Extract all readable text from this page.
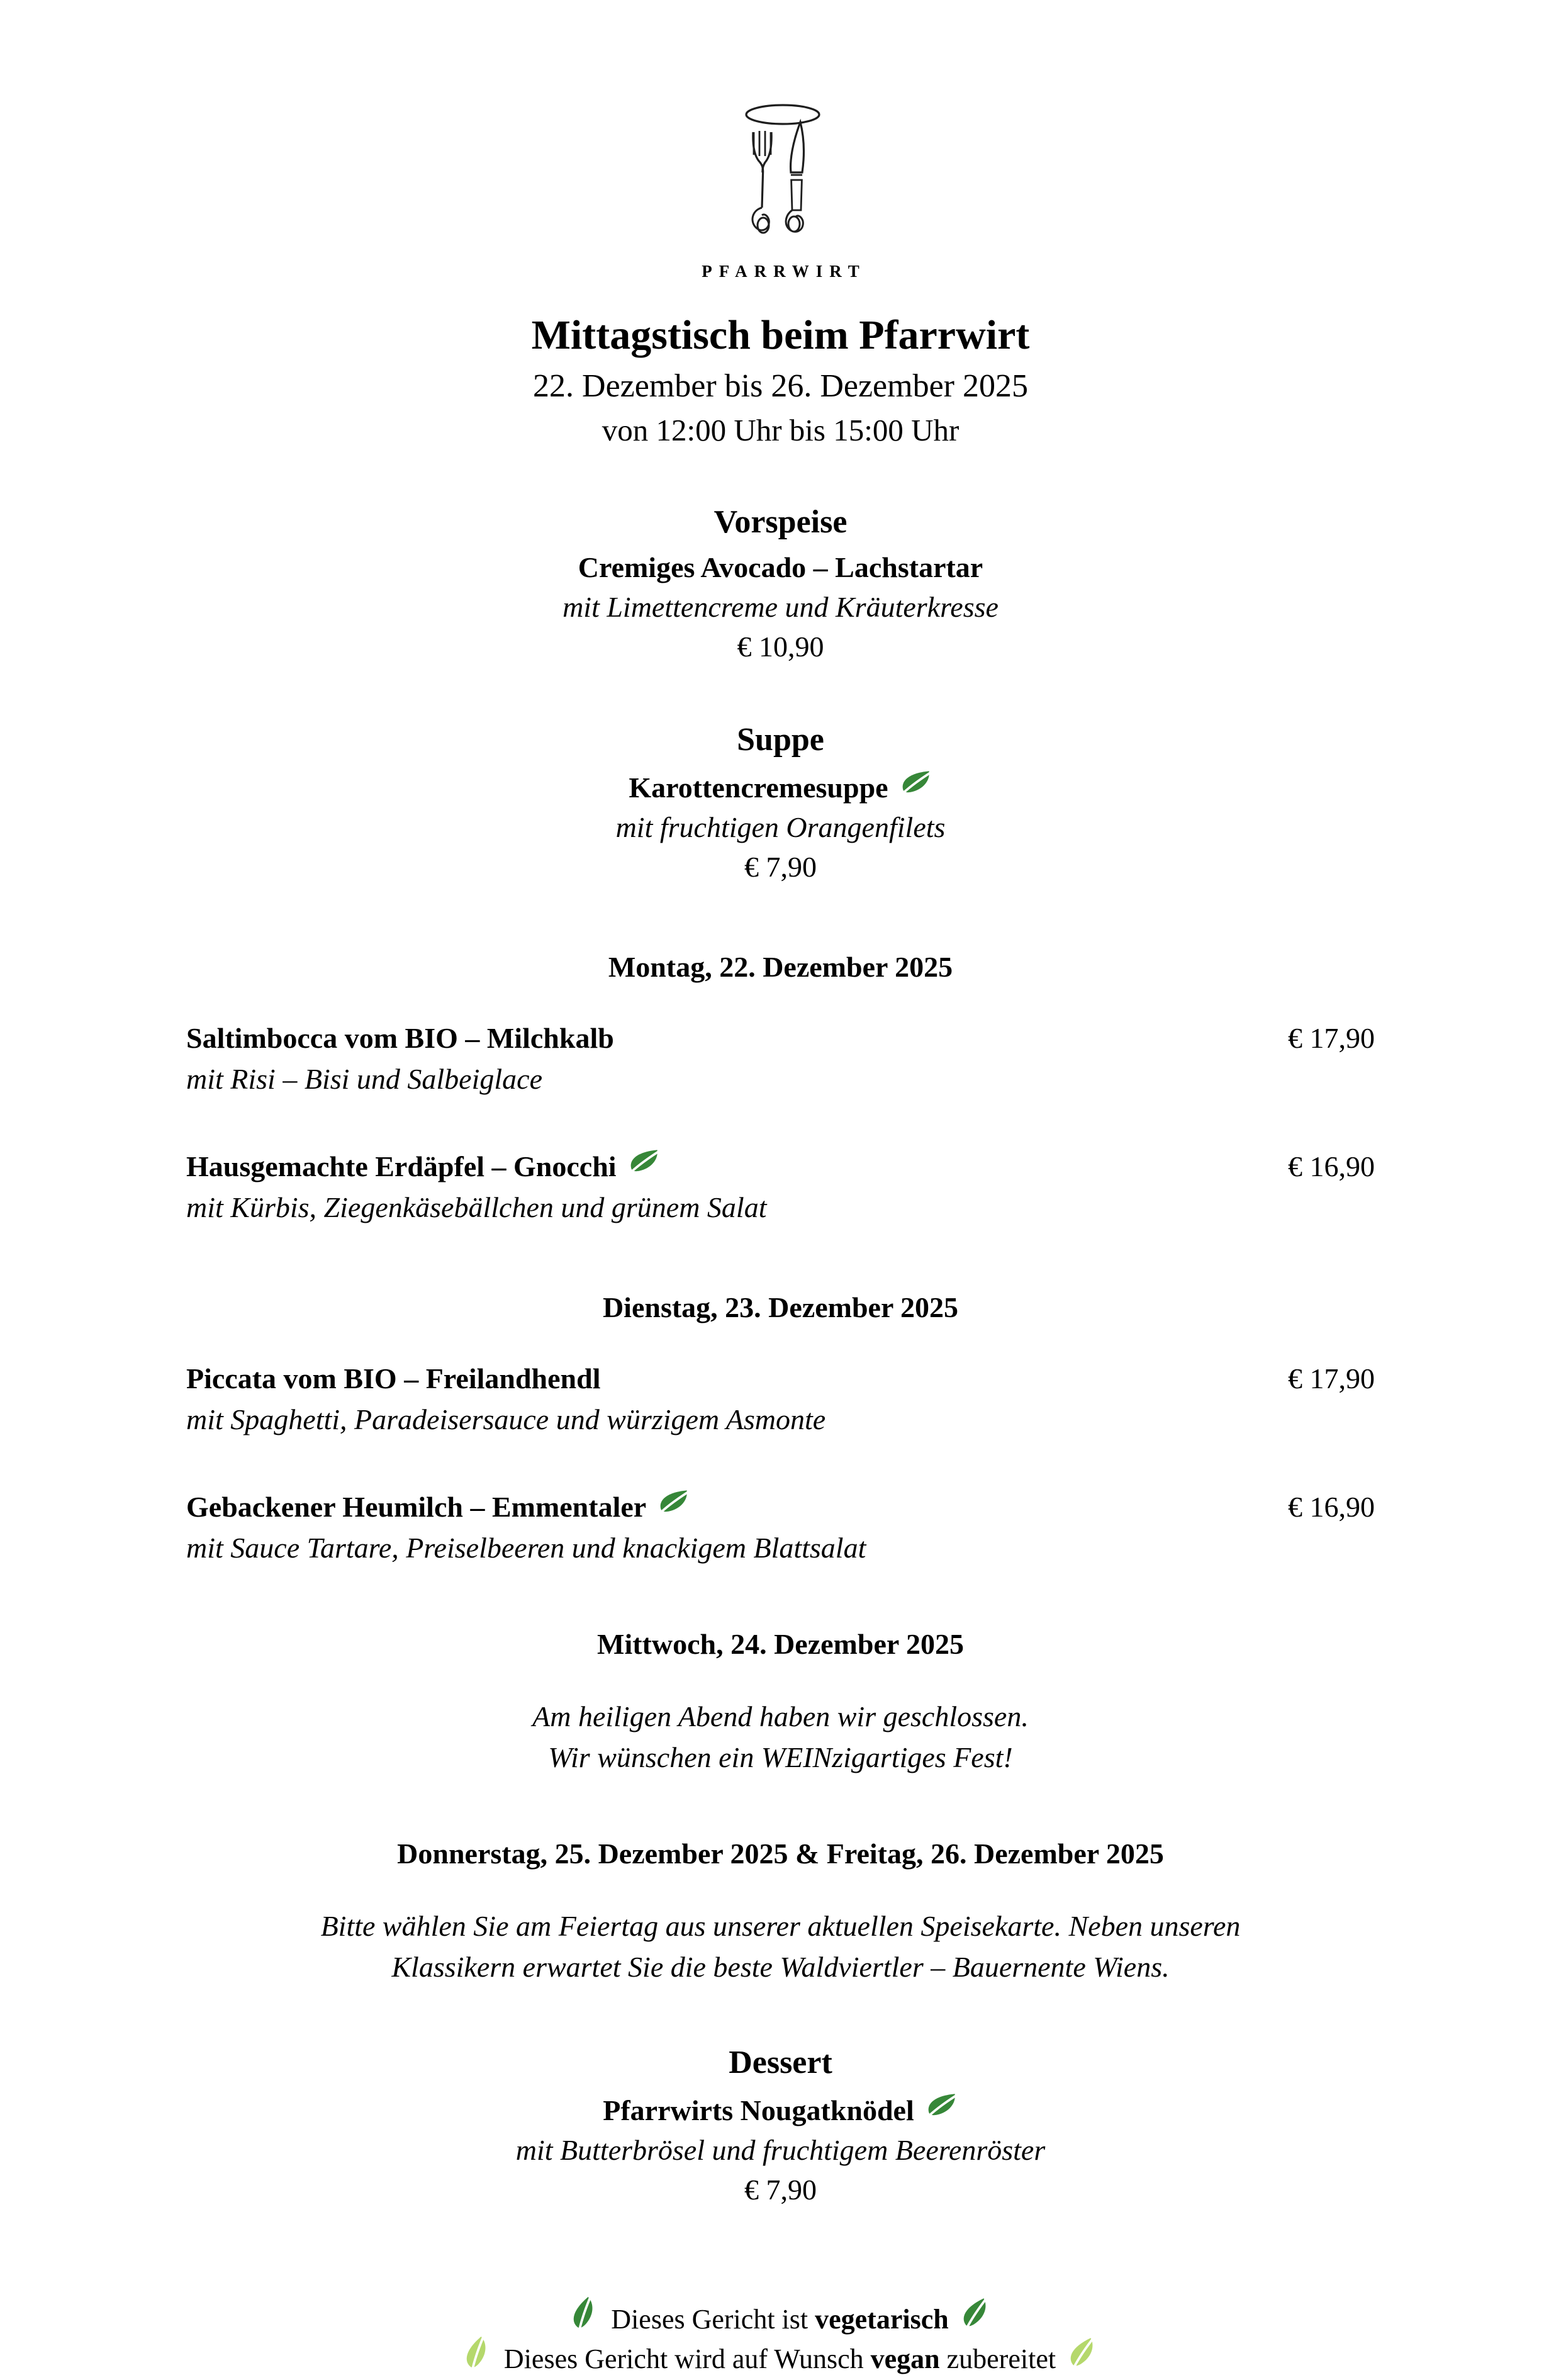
PFARRWIRT
Mittagstisch beim Pfarrwirt
22. Dezember bis 26. Dezember 2025
von 12:00 Uhr bis 15:00 Uhr
Vorspeise
Cremiges Avocado – Lachstartar
mit Limettencreme und Kräuterkresse
€ 10,90
Suppe
Karottencremesuppe
mit fruchtigen Orangenfilets
€ 7,90
Montag, 22. Dezember 2025
Saltimbocca vom BIO – Milchkalb	€ 17,90
mit Risi – Bisi und Salbeiglace
Hausgemachte Erdäpfel – Gnocchi	€ 16,90
mit Kürbis, Ziegenkäsebällchen und grünem Salat
Dienstag, 23. Dezember 2025
Piccata vom BIO – Freilandhendl	€ 17,90
mit Spaghetti, Paradeisersauce und würzigem Asmonte
Gebackener Heumilch – Emmentaler	€ 16,90
mit Sauce Tartare, Preiselbeeren und knackigem Blattsalat
Mittwoch, 24. Dezember 2025
Am heiligen Abend haben wir geschlossen.
Wir wünschen ein WEINzigartiges Fest!
Donnerstag, 25. Dezember 2025 & Freitag, 26. Dezember 2025
Bitte wählen Sie am Feiertag aus unserer aktuellen Speisekarte. Neben unseren
Klassikern erwartet Sie die beste Waldviertler – Bauernente Wiens.
Dessert
Pfarrwirts Nougatknödel
mit Butterbrösel und fruchtigem Beerenröster
€ 7,90
Dieses Gericht ist vegetarisch
Dieses Gericht wird auf Wunsch vegan zubereitet
